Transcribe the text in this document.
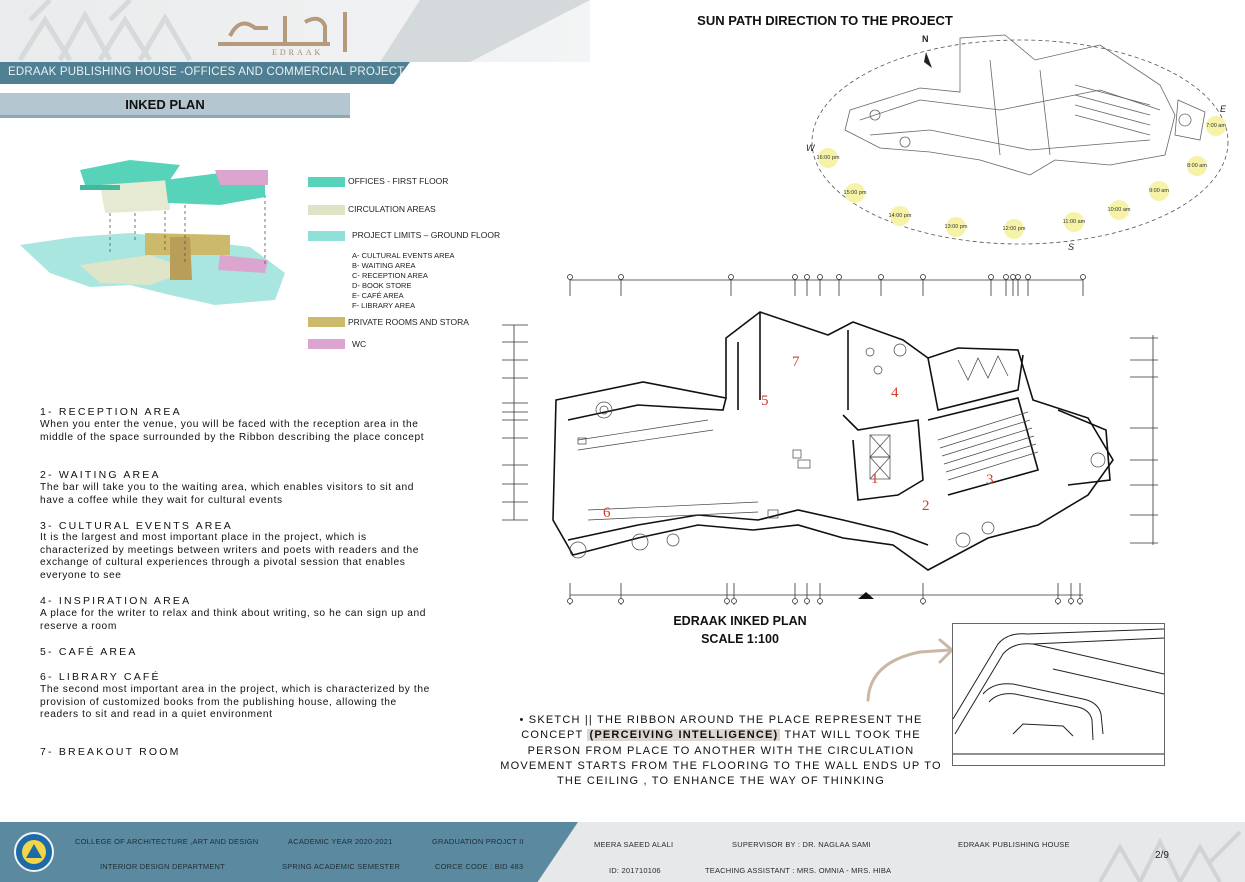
EDRAAK
EDRAAK PUBLISHING HOUSE -OFFICES AND COMMERCIAL PROJECT
INKED PLAN
OFFICES - FIRST FLOOR
CIRCULATION AREAS
PROJECT LIMITS – GROUND FLOOR
A- CULTURAL EVENTS AREA
B- WAITING AREA
C- RECEPTION AREA
D- BOOK STORE
E- CAFÉ AREA
F- LIBRARY AREA
PRIVATE ROOMS AND STORA
WC
1- RECEPTION AREA
When you enter the venue, you will be faced with the reception area in the middle of the space surrounded by the Ribbon describing the place concept
2- WAITING AREA
The bar will take you to the waiting area, which enables visitors to sit and have a coffee while they wait for cultural events
3- CULTURAL EVENTS AREA
It is the largest and most important place in the project, which is characterized by meetings between writers and poets with readers and the exchange of cultural experiences through a pivotal session that enables everyone to see
4- INSPIRATION AREA
A place for the writer to relax and think about writing, so he can sign up and reserve a room
5- CAFÉ AREA
6- LIBRARY CAFÉ
The second most important area in the project, which is characterized by the provision of customized books from the publishing house, allowing the readers to sit and read in a quiet environment
7- BREAKOUT ROOM
SUN PATH DIRECTION TO THE PROJECT
N
W
E
S
7:00 am
8:00 am
9:00 am
10:00 am
11:00 am
12:00 pm
13:00 pm
14:00 pm
15:00 pm
16:00 pm
1
2
3
4
5
6
7
EDRAAK INKED PLAN
SCALE 1:100
• SKETCH || THE RIBBON AROUND THE PLACE REPRESENT THE CONCEPT (PERCEIVING INTELLIGENCE) THAT WILL TOOK THE PERSON FROM PLACE TO ANOTHER WITH THE CIRCULATION MOVEMENT STARTS FROM THE FLOORING TO THE WALL ENDS UP TO THE CEILING , TO ENHANCE THE WAY OF THINKING
COLLEGE OF ARCHITECTURE ,ART AND DESIGN
INTERIOR DESIGN DEPARTMENT
ACADEMIC YEAR 2020-2021
SPRING ACADEMIC SEMESTER
GRADUATION PROJCT II
CORCE CODE : BID 483
MEERA SAEED ALALI
ID: 201710106
SUPERVISOR BY : DR. NAGLAA SAMI
TEACHING ASSISTANT : MRS. OMNIA - MRS. HIBA
EDRAAK PUBLISHING HOUSE
2/9
